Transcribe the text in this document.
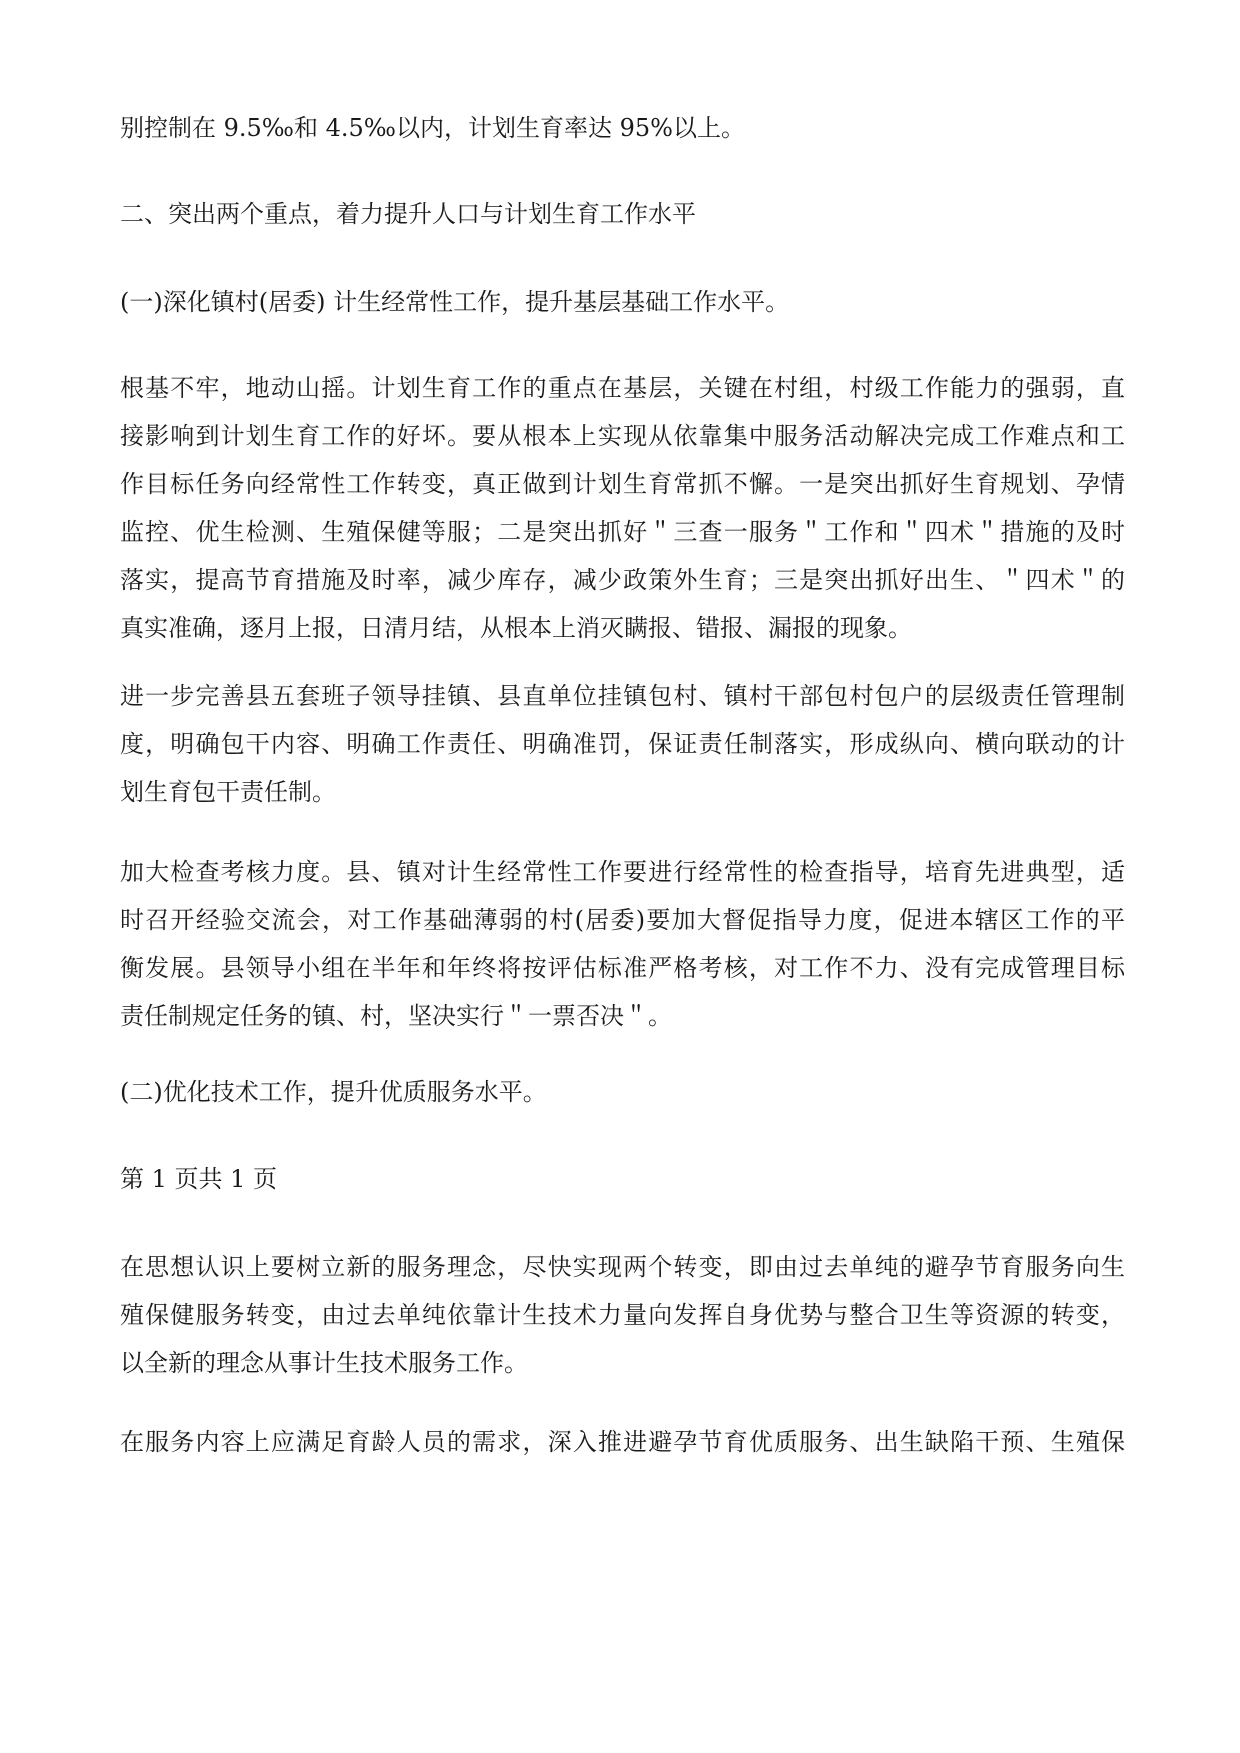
别控制在 9.5‰和 4.5‰以内，计划生育率达 95%以上。

二、突出两个重点，着力提升人口与计划生育工作水平

(一)深化镇村(居委) 计生经常性工作，提升基层基础工作水平。

根基不牢，地动山摇。计划生育工作的重点在基层，关键在村组，村级工作能力的强弱，直
接影响到计划生育工作的好坏。要从根本上实现从依靠集中服务活动解决完成工作难点和工
作目标任务向经常性工作转变，真正做到计划生育常抓不懈。一是突出抓好生育规划、孕情
监控、优生检测、生殖保健等服；二是突出抓好＂三查一服务＂工作和＂四术＂措施的及时
落实，提高节育措施及时率，减少库存，减少政策外生育；三是突出抓好出生、＂四术＂的
真实准确，逐月上报，日清月结，从根本上消灭瞒报、错报、漏报的现象。
进一步完善县五套班子领导挂镇、县直单位挂镇包村、镇村干部包村包户的层级责任管理制
度，明确包干内容、明确工作责任、明确准罚，保证责任制落实，形成纵向、横向联动的计
划生育包干责任制。
加大检查考核力度。县、镇对计生经常性工作要进行经常性的检查指导，培育先进典型，适
时召开经验交流会，对工作基础薄弱的村(居委)要加大督促指导力度，促进本辖区工作的平
衡发展。县领导小组在半年和年终将按评估标准严格考核，对工作不力、没有完成管理目标
责任制规定任务的镇、村，坚决实行＂一票否决＂。

(二)优化技术工作，提升优质服务水平。

第 1 页共 1 页

在思想认识上要树立新的服务理念，尽快实现两个转变，即由过去单纯的避孕节育服务向生
殖保健服务转变，由过去单纯依靠计生技术力量向发挥自身优势与整合卫生等资源的转变，
以全新的理念从事计生技术服务工作。
在服务内容上应满足育龄人员的需求，深入推进避孕节育优质服务、出生缺陷干预、生殖保
